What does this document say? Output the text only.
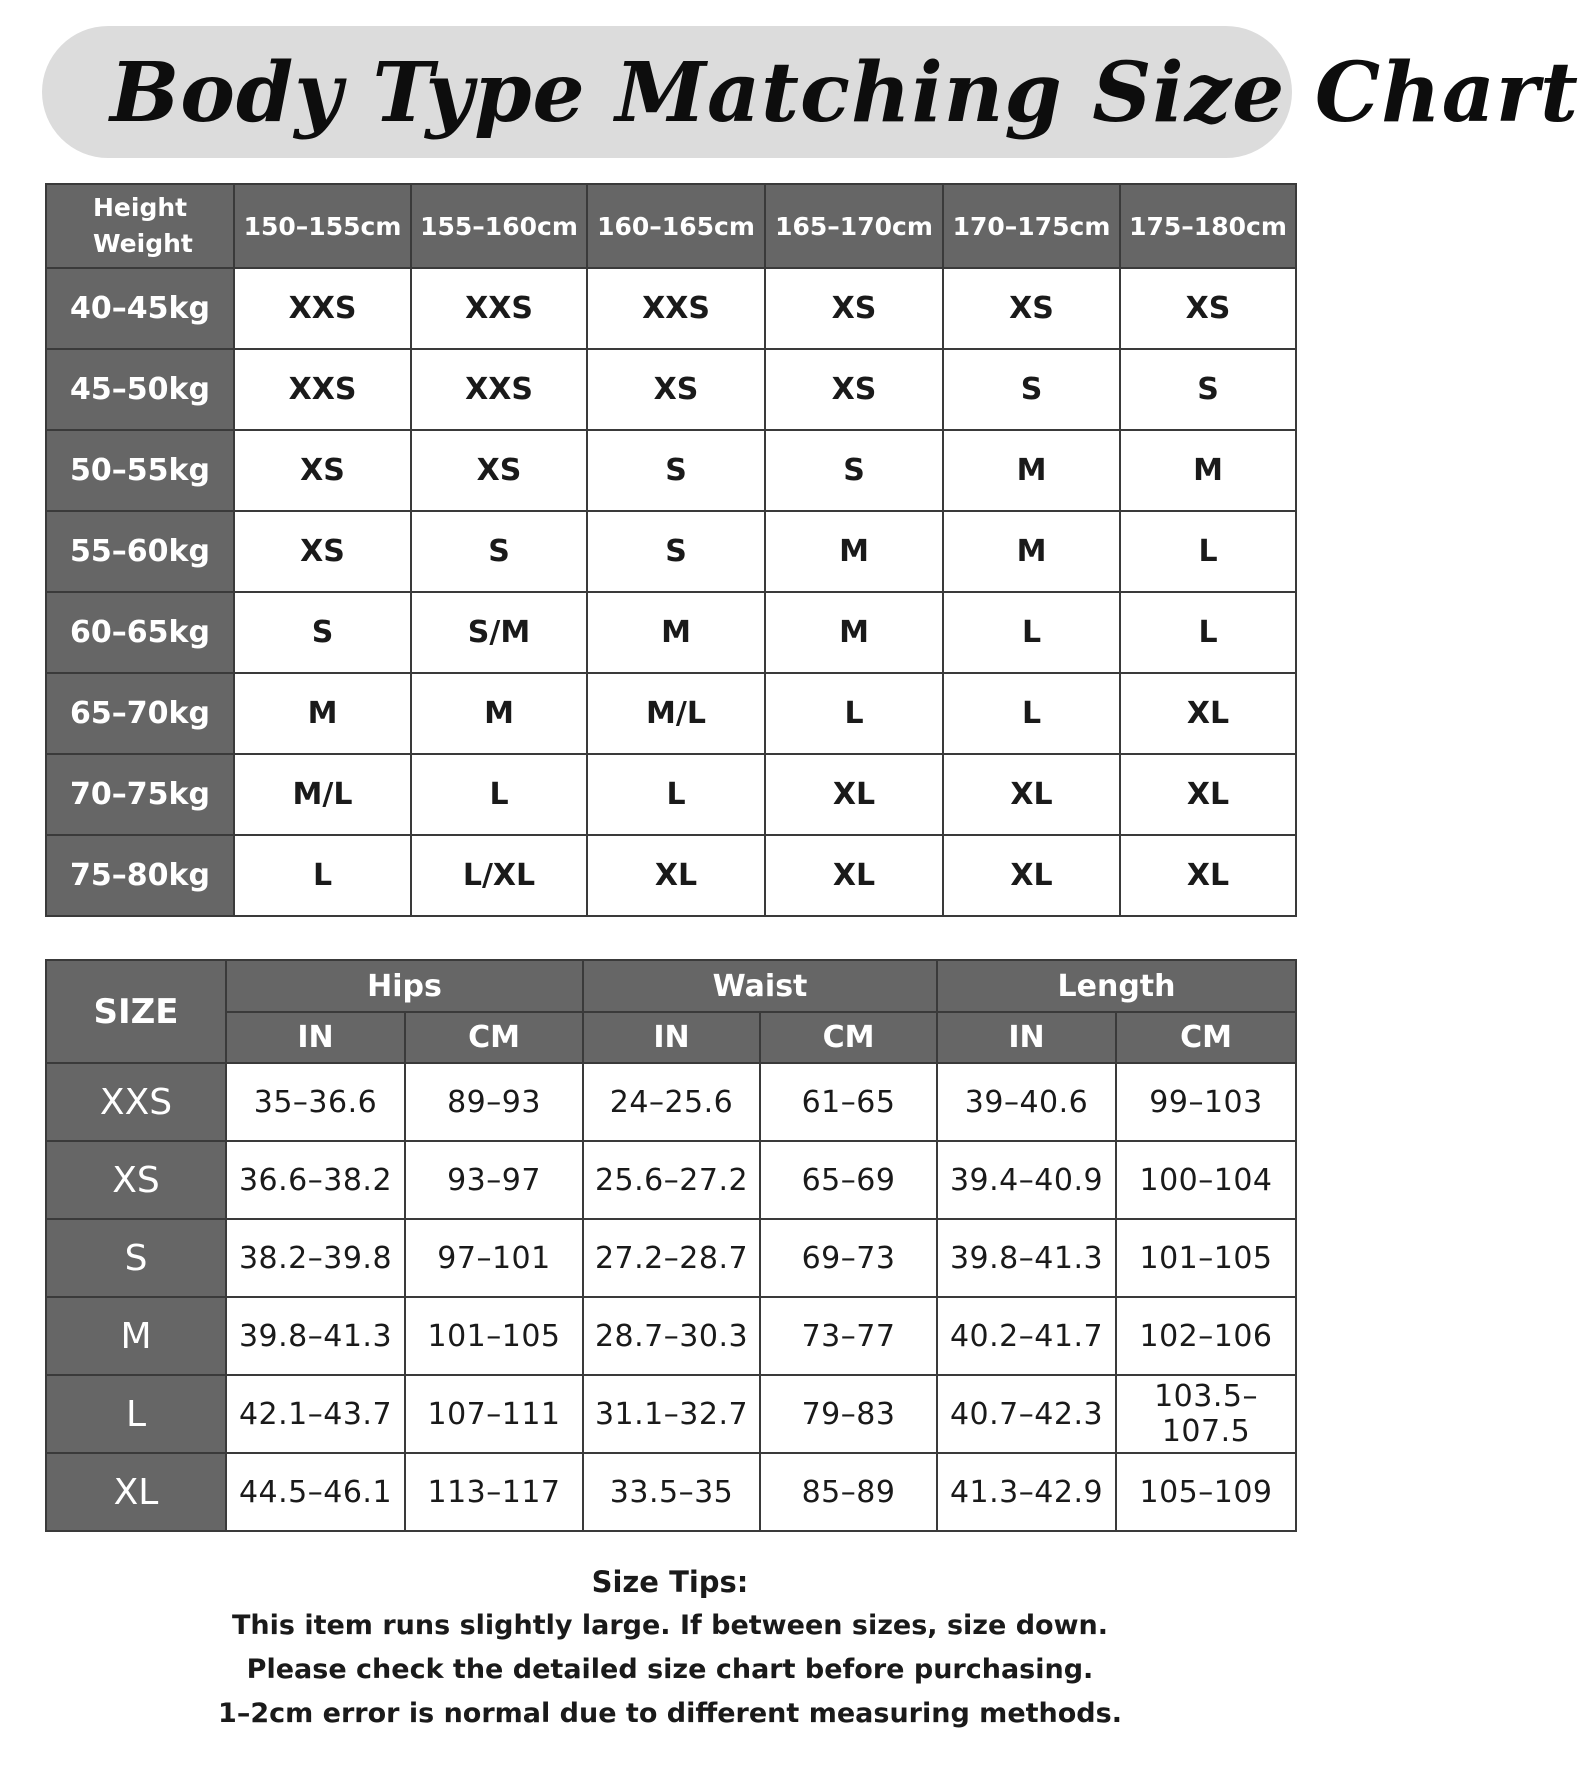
Body Type Matching Size Chart
Height
Weight	150–155cm	155–160cm	160–165cm	165–170cm	170–175cm	175–180cm
40–45kg	XXS	XXS	XXS	XS	XS	XS
45–50kg	XXS	XXS	XS	XS	S	S
50–55kg	XS	XS	S	S	M	M
55–60kg	XS	S	S	M	M	L
60–65kg	S	S/M	M	M	L	L
65–70kg	M	M	M/L	L	L	XL
70–75kg	M/L	L	L	XL	XL	XL
75–80kg	L	L/XL	XL	XL	XL	XL
SIZE	Hips		Waist		Length	
	IN	CM	IN	CM	IN	CM
XXS	35–36.6	89–93	24–25.6	61–65	39–40.6	99–103
XS	36.6–38.2	93–97	25.6–27.2	65–69	39.4–40.9	100–104
S	38.2–39.8	97–101	27.2–28.7	69–73	39.8–41.3	101–105
M	39.8–41.3	101–105	28.7–30.3	73–77	40.2–41.7	102–106
L	42.1–43.7	107–111	31.1–32.7	79–83	40.7–42.3	103.5–107.5
XL	44.5–46.1	113–117	33.5–35	85–89	41.3–42.9	105–109
Size Tips:
This item runs slightly large. If between sizes, size down.
Please check the detailed size chart before purchasing.
1–2cm error is normal due to different measuring methods.
